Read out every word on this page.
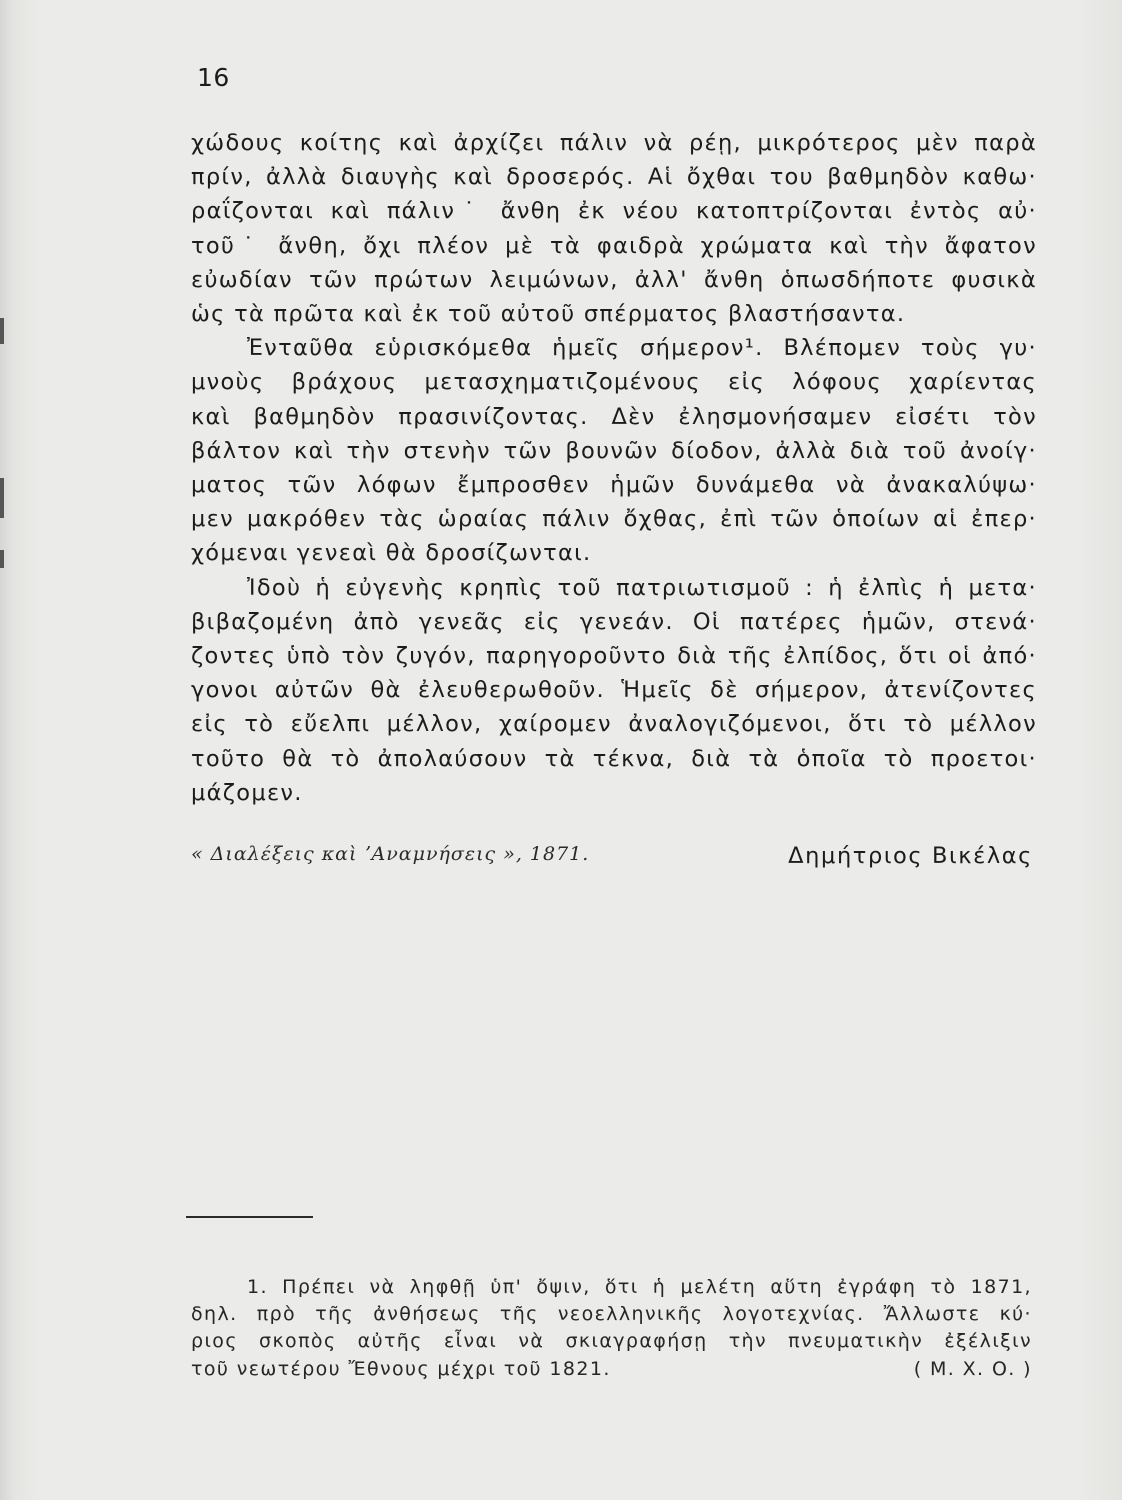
16

χώδους κοίτης καὶ ἀρχίζει πάλιν νὰ ρέῃ, μικρότερος μὲν παρὰ
πρίν, ἀλλὰ διαυγὴς καὶ δροσερός. Αἱ ὄχθαι του βαθμηδὸν καθω·
ραΐζονται καὶ πάλιν˙ ἄνθη ἐκ νέου κατοπτρίζονται ἐντὸς αὐ·
τοῦ˙ ἄνθη, ὄχι πλέον μὲ τὰ φαιδρὰ χρώματα καὶ τὴν ἄφατον
εὐωδίαν τῶν πρώτων λειμώνων, ἀλλ' ἄνθη ὁπωσδήποτε φυσικὰ
ὡς τὰ πρῶτα καὶ ἐκ τοῦ αὐτοῦ σπέρματος βλαστήσαντα.

Ἐνταῦθα εὑρισκόμεθα ἡμεῖς σήμερον¹. Βλέπομεν τοὺς γυ·
μνοὺς βράχους μετασχηματιζομένους εἰς λόφους χαρίεντας
καὶ βαθμηδὸν πρασινίζοντας. Δὲν ἐλησμονήσαμεν εἰσέτι τὸν
βάλτον καὶ τὴν στενὴν τῶν βουνῶν δίοδον, ἀλλὰ διὰ τοῦ ἀνοίγ·
ματος τῶν λόφων ἔμπροσθεν ἡμῶν δυνάμεθα νὰ ἀνακαλύψω·
μεν μακρόθεν τὰς ὡραίας πάλιν ὄχθας, ἐπὶ τῶν ὁποίων αἱ ἐπερ·
χόμεναι γενεαὶ θὰ δροσίζωνται.

Ἰδοὺ ἡ εὐγενὴς κρηπὶς τοῦ πατριωτισμοῦ : ἡ ἐλπὶς ἡ μετα·
βιβαζομένη ἀπὸ γενεᾶς εἰς γενεάν. Οἱ πατέρες ἡμῶν, στενά·
ζοντες ὑπὸ τὸν ζυγόν, παρηγοροῦντο διὰ τῆς ἐλπίδος, ὅτι οἱ ἀπό·
γονοι αὐτῶν θὰ ἐλευθερωθοῦν. Ἡμεῖς δὲ σήμερον, ἀτενίζοντες
εἰς τὸ εὔελπι μέλλον, χαίρομεν ἀναλογιζόμενοι, ὅτι τὸ μέλλον
τοῦτο θὰ τὸ ἀπολαύσουν τὰ τέκνα, διὰ τὰ ὁποῖα τὸ προετοι·
μάζομεν.

« Διαλέξεις καὶ ʼΑναμνήσεις », 1871.	Δημήτριος Βικέλας
1. Πρέπει νὰ ληφθῇ ὑπ' ὄψιν, ὅτι ἡ μελέτη αὕτη ἐγράφη τὸ 1871,
δηλ. πρὸ τῆς ἀνθήσεως τῆς νεοελληνικῆς λογοτεχνίας. Ἄλλωστε κύ·
ριος σκοπὸς αὐτῆς εἶναι νὰ σκιαγραφήσῃ τὴν πνευματικὴν ἐξέλιξιν
τοῦ νεωτέρου Ἔθνους μέχρι τοῦ 1821.	( Μ. Χ. Ο. )
